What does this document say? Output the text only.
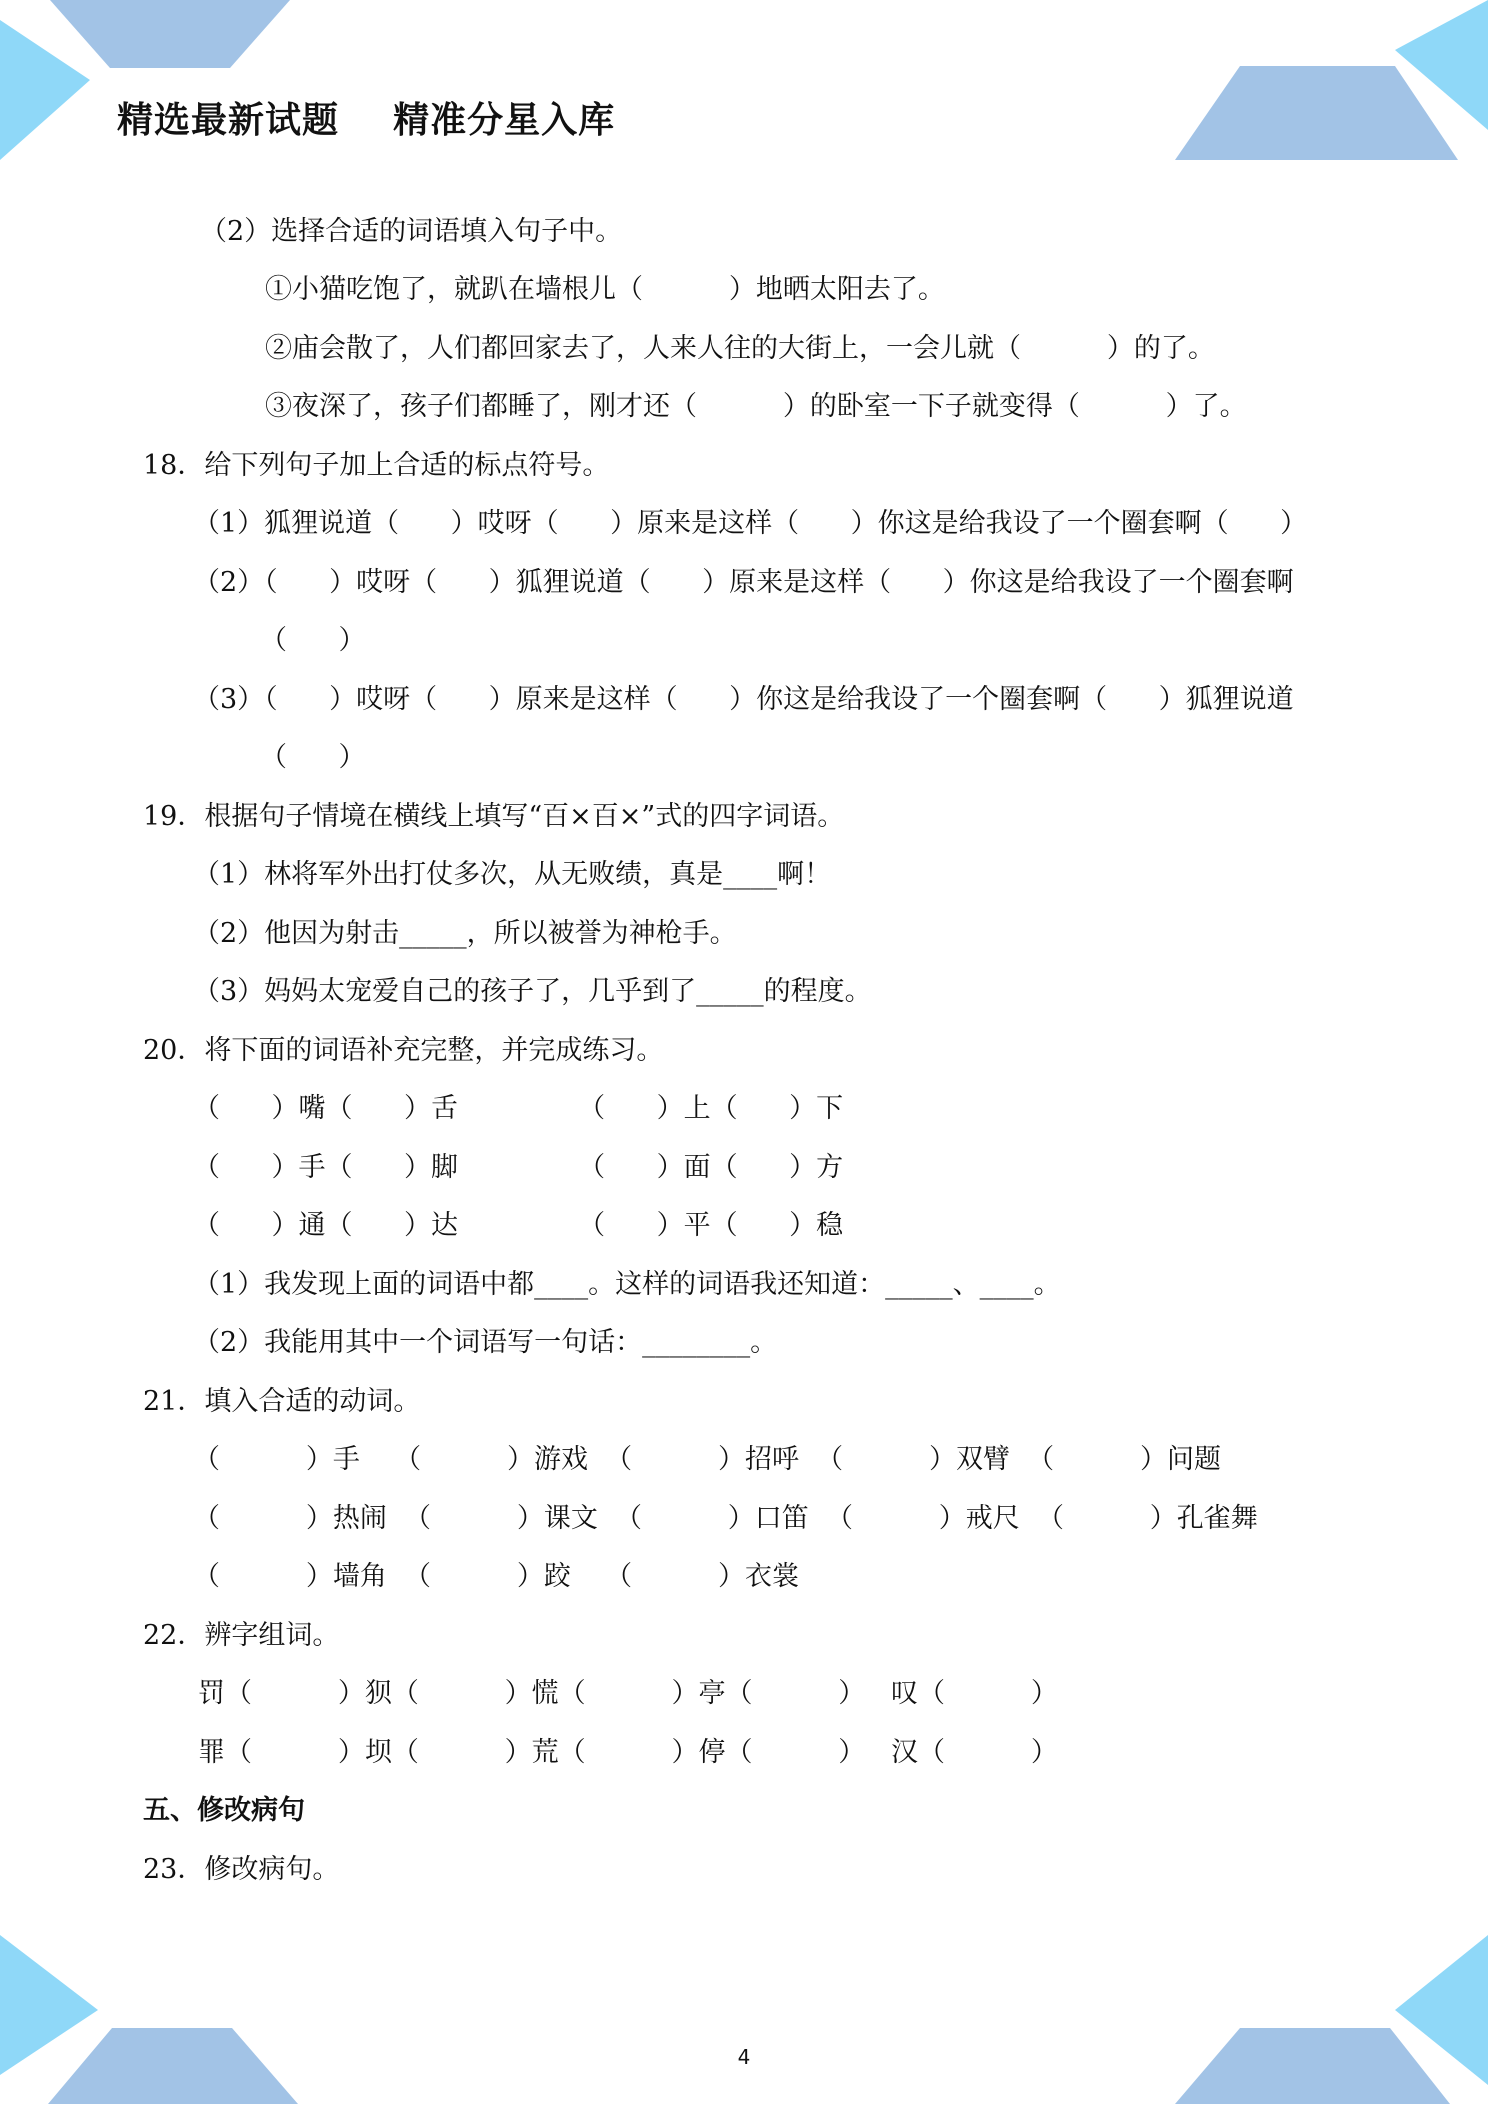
精选最新试题    精准分星入库

（2）选择合适的词语填入句子中。

①小猫吃饱了，就趴在墙根儿（          ）地晒太阳去了。

②庙会散了，人们都回家去了，人来人往的大街上，一会儿就（          ）的了。

③夜深了，孩子们都睡了，刚才还（          ）的卧室一下子就变得（          ）了。

18．给下列句子加上合适的标点符号。

（1）狐狸说道（      ）哎呀（      ）原来是这样（      ）你这是给我设了一个圈套啊（      ）

（2）（      ）哎呀（      ）狐狸说道（      ）原来是这样（      ）你这是给我设了一个圈套啊

（      ）

（3）（      ）哎呀（      ）原来是这样（      ）你这是给我设了一个圈套啊（      ）狐狸说道

（      ）

19．根据句子情境在横线上填写“百×百×”式的四字词语。

（1）林将军外出打仗多次，从无败绩，真是____啊！

（2）他因为射击_____，所以被誉为神枪手。

（3）妈妈太宠爱自己的孩子了，几乎到了_____的程度。

20．将下面的词语补充完整，并完成练习。

（      ）嘴（      ）舌              （      ）上（      ）下

（      ）手（      ）脚              （      ）面（      ）方

（      ）通（      ）达              （      ）平（      ）稳

（1）我发现上面的词语中都____。这样的词语我还知道：_____、____。

（2）我能用其中一个词语写一句话：________。

21．填入合适的动词。

（          ）手    （          ）游戏  （          ）招呼  （          ）双臂  （          ）问题

（          ）热闹  （          ）课文  （          ）口笛  （          ）戒尺  （          ）孔雀舞

（          ）墙角  （          ）跤    （          ）衣裳

22．辨字组词。

罚（          ）狈（          ）慌（          ）亭（          ）   叹（          ）

罪（          ）坝（          ）荒（          ）停（          ）   汉（          ）

五、修改病句

23．修改病句。

4
